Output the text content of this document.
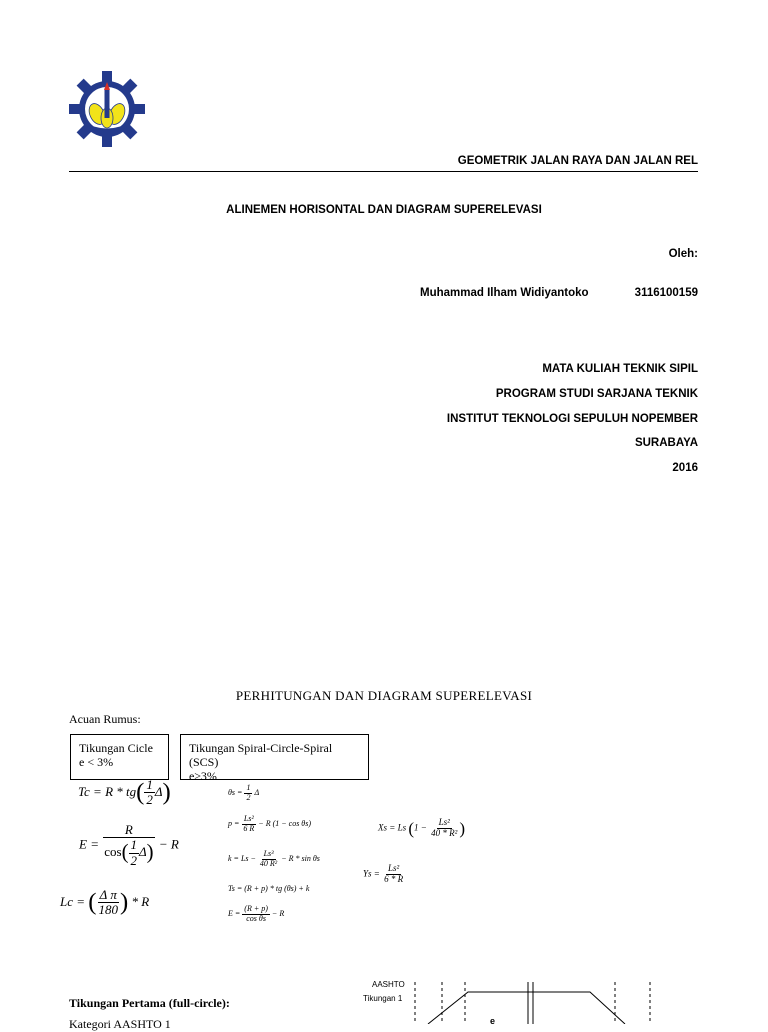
GEOMETRIK JALAN RAYA DAN JALAN REL
ALINEMEN HORISONTAL DAN DIAGRAM SUPERELEVASI
Oleh:
Muhammad Ilham Widiyantoko	3116100159
MATA KULIAH TEKNIK SIPIL
PROGRAM STUDI SARJANA TEKNIK
INSTITUT TEKNOLOGI SEPULUH NOPEMBER
SURABAYA
2016
PERHITUNGAN DAN DIAGRAM SUPERELEVASI
Acuan Rumus:
Tikungan Cicle
e < 3%
Tikungan Spiral-Circle-Spiral (SCS)
e≥3%
$Tc = R * tg( \frac{1}{2} \Delta)$
$E = \frac{R}{\cos( \frac{1}{2} \Delta)} - R$
Lc = ( $\frac{\text{Δ π}}{180}$ ) * R
$\theta s = \frac{1}{2}$ Δ
$p = \frac{\text{Ls²}}{6 R} - R$ (1 − cos θs)
$k = Ls - \frac{\text{Ls³}}{\text{40 R²}} - R * \sin \theta s$
Ts = (R + p) * tg (θs) + k
$E = \frac{(R + p)}{\text{cos θs}} - R$
Xs = Ls ($1 - \frac{\text{Ls²}}{\text{40 * R²}}$ )
$Ys = \frac{\text{Ls²}}{6 * R}$
Tikungan Pertama (full-circle):
Kategori AASHTO 1
AASHTO
Tikungan 1
e
